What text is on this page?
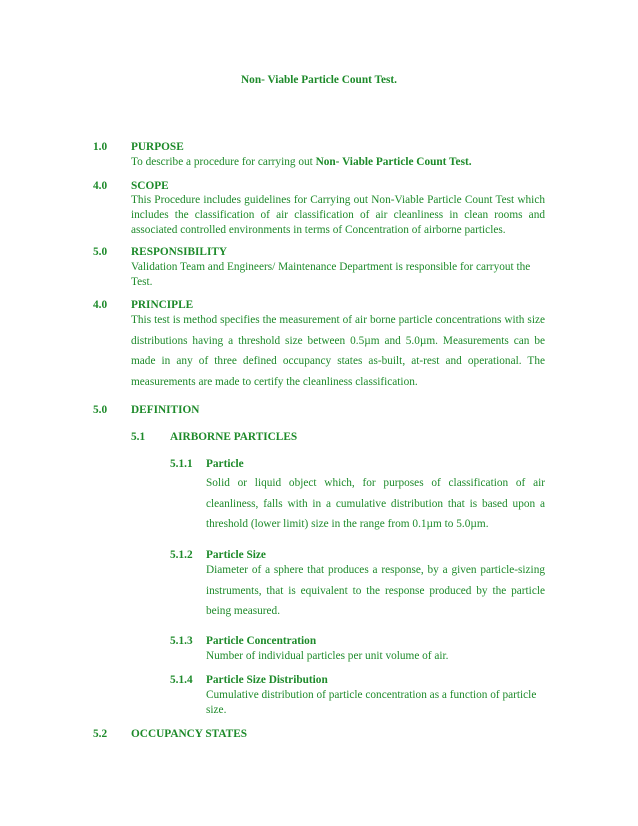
Non- Viable Particle Count Test.
1.0 PURPOSE
To describe a procedure for carrying out Non- Viable Particle Count Test.
4.0 SCOPE
This Procedure includes guidelines for Carrying out Non-Viable Particle Count Test which includes the classification of air classification of air cleanliness in clean rooms and associated controlled environments in terms of Concentration of airborne particles.
5.0 RESPONSIBILITY
Validation Team and Engineers/ Maintenance Department is responsible for carryout the Test.
4.0 PRINCIPLE
This test is method specifies the measurement of air borne particle concentrations with size distributions having a threshold size between 0.5µm and 5.0µm. Measurements can be made in any of three defined occupancy states as-built, at-rest and operational. The measurements are made to certify the cleanliness classification.
5.0 DEFINITION
5.1 AIRBORNE PARTICLES
5.1.1 Particle
Solid or liquid object which, for purposes of classification of air cleanliness, falls with in a cumulative distribution that is based upon a threshold (lower limit) size in the range from 0.1µm to 5.0µm.
5.1.2 Particle Size
Diameter of a sphere that produces a response, by a given particle-sizing instruments, that is equivalent to the response produced by the particle being measured.
5.1.3 Particle Concentration
Number of individual particles per unit volume of air.
5.1.4 Particle Size Distribution
Cumulative distribution of particle concentration as a function of particle size.
5.2 OCCUPANCY STATES
